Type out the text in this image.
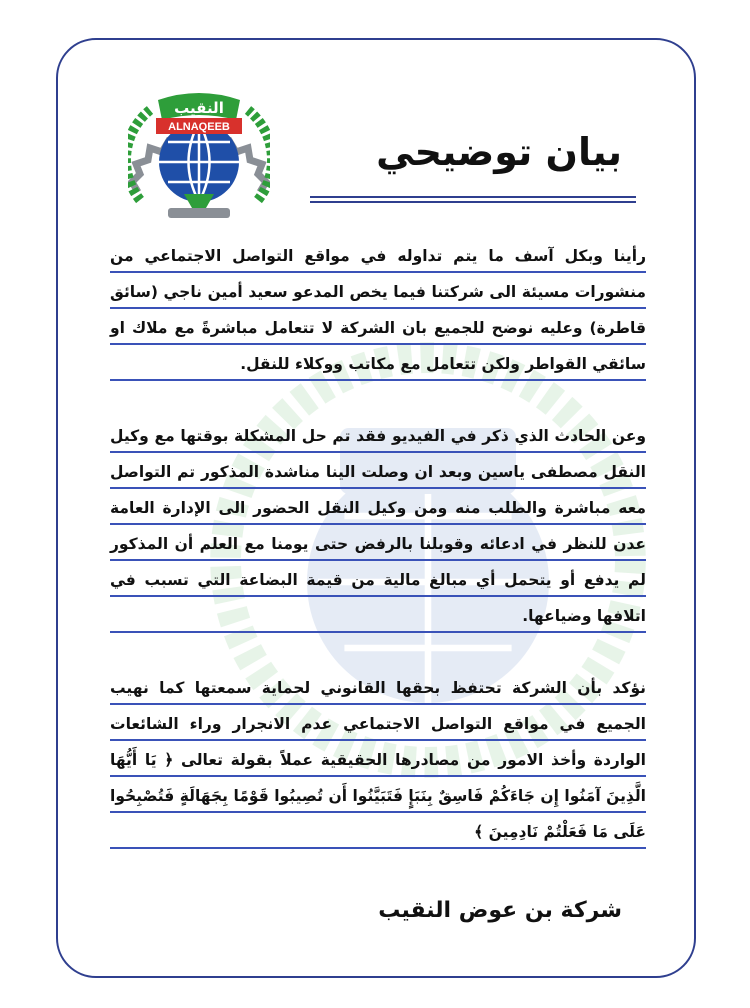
ALNAQEEB
النقيب
بيان توضيحي

رأينا وبكل آسف ما يتم تداوله في مواقع التواصل الاجتماعي من منشورات مسيئة الى شركتنا فيما يخص المدعو سعيد أمين ناجي (سائق قاطرة) وعليه نوضح للجميع بان الشركة لا تتعامل مباشرةً مع ملاك او سائقي القواطر ولكن تتعامل مع مكاتب ووكلاء للنقل.

وعن الحادث الذي ذكر في الفيديو فقد تم حل المشكلة بوقتها مع وكيل النقل مصطفى ياسين وبعد ان وصلت الينا مناشدة المذكور تم التواصل معه مباشرة والطلب منه ومن وكيل النقل الحضور الى الإدارة العامة عدن للنظر في ادعائه وقوبلنا بالرفض حتى يومنا مع العلم أن المذكور لم يدفع أو يتحمل أي مبالغ مالية من قيمة البضاعة التي تسبب في اتلافها وضياعها.

نؤكد بأن الشركة تحتفظ بحقها القانوني لحماية سمعتها كما نهيب الجميع في مواقع التواصل الاجتماعي عدم الانجرار وراء الشائعات الواردة وأخذ الامور من مصادرها الحقيقية عملاً بقولة تعالى ﴿ يَا أَيُّهَا الَّذِينَ آمَنُوا إِن جَاءَكُمْ فَاسِقٌ بِنَبَإٍ فَتَبَيَّنُوا أَن تُصِيبُوا قَوْمًا بِجَهَالَةٍ فَتُصْبِحُوا عَلَى مَا فَعَلْتُمْ نَادِمِينَ ﴾

شركة بن عوض النقيب
